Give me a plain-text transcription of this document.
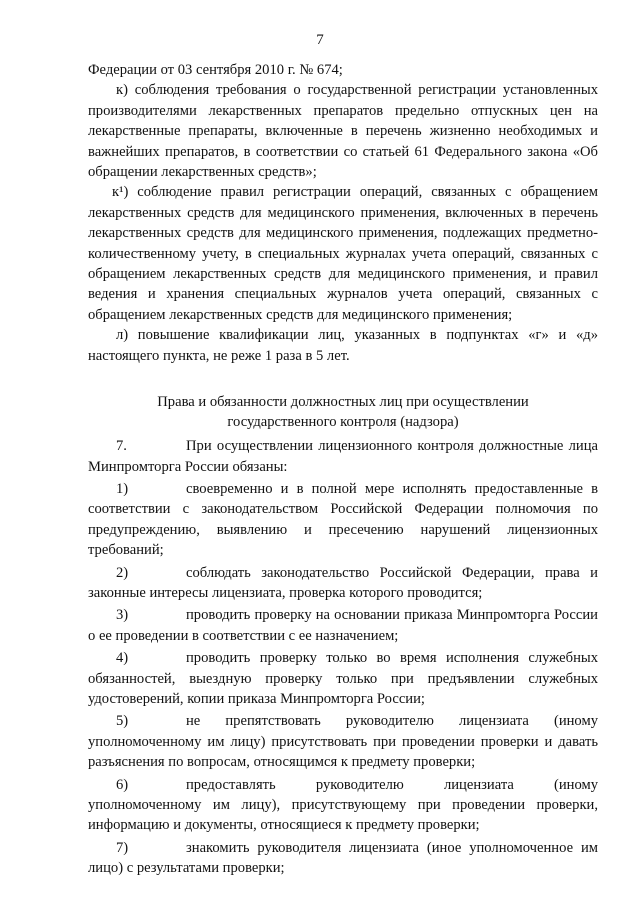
7

Федерации от 03 сентября 2010 г. № 674;

к) соблюдения требования о государственной регистрации установленных производителями лекарственных препаратов предельно отпускных цен на лекарственные препараты, включенные в перечень жизненно необходимых и важнейших препаратов, в соответствии со статьей 61 Федерального закона «Об обращении лекарственных средств»;

к¹) соблюдение правил регистрации операций, связанных с обращением лекарственных средств для медицинского применения, включенных в перечень лекарственных средств для медицинского применения, подлежащих предметно-количественному учету, в специальных журналах учета операций, связанных с обращением лекарственных средств для медицинского применения, и правил ведения и хранения специальных журналов учета операций, связанных с обращением лекарственных средств для медицинского применения;

л) повышение квалификации лиц, указанных в подпунктах «г» и «д» настоящего пункта, не реже 1 раза в 5 лет.

Права и обязанности должностных лиц при осуществлении государственного контроля (надзора)

7.	При осуществлении лицензионного контроля должностные лица Минпромторга России обязаны:

1)	своевременно и в полной мере исполнять предоставленные в соответствии с законодательством Российской Федерации полномочия по предупреждению, выявлению и пресечению нарушений лицензионных требований;

2)	соблюдать законодательство Российской Федерации, права и законные интересы лицензиата, проверка которого проводится;

3)	проводить проверку на основании приказа Минпромторга России о ее проведении в соответствии с ее назначением;

4)	проводить проверку только во время исполнения служебных обязанностей, выездную проверку только при предъявлении служебных удостоверений, копии приказа Минпромторга России;

5)	не препятствовать руководителю лицензиата (иному уполномоченному им лицу) присутствовать при проведении проверки и давать разъяснения по вопросам, относящимся к предмету проверки;

6)	предоставлять руководителю лицензиата (иному уполномоченному им лицу), присутствующему при проведении проверки, информацию и документы, относящиеся к предмету проверки;

7)	знакомить руководителя лицензиата (иное уполномоченное им лицо) с результатами проверки;
